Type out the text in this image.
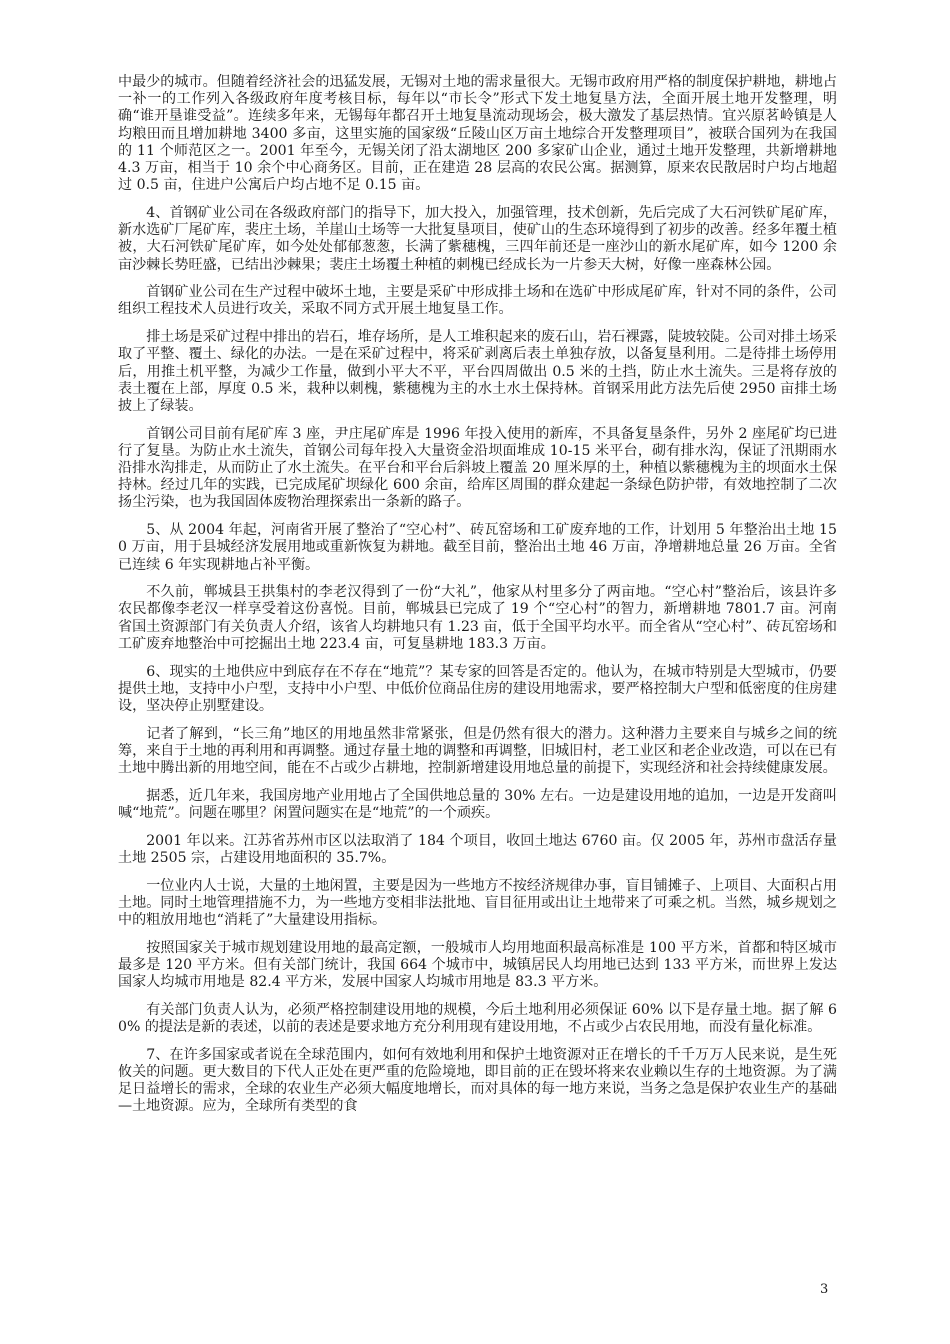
中最少的城市。但随着经济社会的迅猛发展，无锡对土地的需求量很大。无锡市政府用严格的制度保护耕地，耕地占一补一的工作列入各级政府年度考核目标，每年以“市长令”形式下发土地复垦方法，全面开展土地开发整理，明确“谁开垦谁受益”。连续多年来，无锡每年都召开土地复垦流动现场会，极大激发了基层热情。宜兴原茗岭镇是人均粮田而且增加耕地 3400 多亩，这里实施的国家级“丘陵山区万亩土地综合开发整理项目”，被联合国列为在我国的 11 个师范区之一。2001 年至今，无锡关闭了沿太湖地区 200 多家矿山企业，通过土地开发整理，共新增耕地 4.3 万亩，相当于 10 余个中心商务区。目前，正在建造 28 层高的农民公寓。据测算，原来农民散居时户均占地超过 0.5 亩，住进户公寓后户均占地不足 0.15 亩。

4、首钢矿业公司在各级政府部门的指导下，加大投入，加强管理，技术创新，先后完成了大石河铁矿尾矿库，新水选矿厂尾矿库，裴庄土场，羊崖山土场等一大批复垦项目，使矿山的生态环境得到了初步的改善。经多年覆土植被，大石河铁矿尾矿库，如今处处郁郁葱葱，长满了紫穗槐，三四年前还是一座沙山的新水尾矿库，如今 1200 余亩沙棘长势旺盛，已结出沙棘果；裴庄土场覆土种植的刺槐已经成长为一片参天大树，好像一座森林公园。

首钢矿业公司在生产过程中破坏土地，主要是采矿中形成排土场和在选矿中形成尾矿库，针对不同的条件，公司组织工程技术人员进行攻关，采取不同方式开展土地复垦工作。

排土场是采矿过程中排出的岩石，堆存场所，是人工堆积起来的废石山，岩石裸露，陡坡较陡。公司对排土场采取了平整、覆土、绿化的办法。一是在采矿过程中，将采矿剥离后表土单独存放，以备复垦利用。二是待排土场停用后，用推土机平整，为减少工作量，做到小平大不平，平台四周做出 0.5 米的土挡，防止水土流失。三是将存放的表土覆在上部，厚度 0.5 米，栽种以刺槐，紫穗槐为主的水土水土保持林。首钢采用此方法先后使 2950 亩排土场披上了绿装。

首钢公司目前有尾矿库 3 座，尹庄尾矿库是 1996 年投入使用的新库，不具备复垦条件，另外 2 座尾矿均已进行了复垦。为防止水土流失，首钢公司每年投入大量资金沿坝面堆成 10-15 米平台，砌有排水沟，保证了汛期雨水沿排水沟排走，从而防止了水土流失。在平台和平台后斜坡上覆盖 20 厘米厚的土，种植以紫穗槐为主的坝面水土保持林。经过几年的实践，已完成尾矿坝绿化 600 余亩，给库区周围的群众建起一条绿色防护带，有效地控制了二次扬尘污染，也为我国固体废物治理探索出一条新的路子。

5、从 2004 年起，河南省开展了整治了“空心村”、砖瓦窑场和工矿废弃地的工作，计划用 5 年整治出土地 150 万亩，用于县城经济发展用地或重新恢复为耕地。截至目前，整治出土地 46 万亩，净增耕地总量 26 万亩。全省已连续 6 年实现耕地占补平衡。

不久前，郸城县王拱集村的李老汉得到了一份“大礼”，他家从村里多分了两亩地。“空心村”整治后，该县许多农民都像李老汉一样享受着这份喜悦。目前，郸城县已完成了 19 个“空心村”的智力，新增耕地 7801.7 亩。河南省国土资源部门有关负责人介绍，该省人均耕地只有 1.23 亩，低于全国平均水平。而全省从“空心村”、砖瓦窑场和工矿废弃地整治中可挖掘出土地 223.4 亩，可复垦耕地 183.3 万亩。

6、现实的土地供应中到底存在不存在“地荒”？某专家的回答是否定的。他认为，在城市特别是大型城市，仍要提供土地，支持中小户型，支持中小户型、中低价位商品住房的建设用地需求，要严格控制大户型和低密度的住房建设，坚决停止别墅建设。

记者了解到，“长三角”地区的用地虽然非常紧张，但是仍然有很大的潜力。这种潜力主要来自与城乡之间的统筹，来自于土地的再利用和再调整。通过存量土地的调整和再调整，旧城旧村，老工业区和老企业改造，可以在已有土地中腾出新的用地空间，能在不占或少占耕地，控制新增建设用地总量的前提下，实现经济和社会持续健康发展。

据悉，近几年来，我国房地产业用地占了全国供地总量的 30% 左右。一边是建设用地的追加，一边是开发商叫喊“地荒”。问题在哪里？闲置问题实在是“地荒”的一个顽疾。

2001 年以来。江苏省苏州市区以法取消了 184 个项目，收回土地达 6760 亩。仅 2005 年，苏州市盘活存量土地 2505 宗，占建设用地面积的 35.7%。

一位业内人士说，大量的土地闲置，主要是因为一些地方不按经济规律办事，盲目铺摊子、上项目、大面积占用土地。同时土地管理措施不力，为一些地方变相非法批地、盲目征用或出让土地带来了可乘之机。当然，城乡规划之中的粗放用地也“消耗了”大量建设用指标。

按照国家关于城市规划建设用地的最高定额，一般城市人均用地面积最高标准是 100 平方米，首都和特区城市最多是 120 平方米。但有关部门统计，我国 664 个城市中，城镇居民人均用地已达到 133 平方米，而世界上发达国家人均城市用地是 82.4 平方米，发展中国家人均城市用地是 83.3 平方米。

有关部门负责人认为，必须严格控制建设用地的规模，今后土地利用必须保证 60% 以下是存量土地。据了解 60% 的提法是新的表述，以前的表述是要求地方充分利用现有建设用地，不占或少占农民用地，而没有量化标准。

7、在许多国家或者说在全球范围内，如何有效地利用和保护土地资源对正在增长的千千万万人民来说，是生死攸关的问题。更大数目的下代人正处在更严重的危险境地，即目前的正在毁坏将来农业赖以生存的土地资源。为了满足日益增长的需求，全球的农业生产必须大幅度地增长，而对具体的每一地方来说，当务之急是保护农业生产的基础—土地资源。应为，全球所有类型的食

3
